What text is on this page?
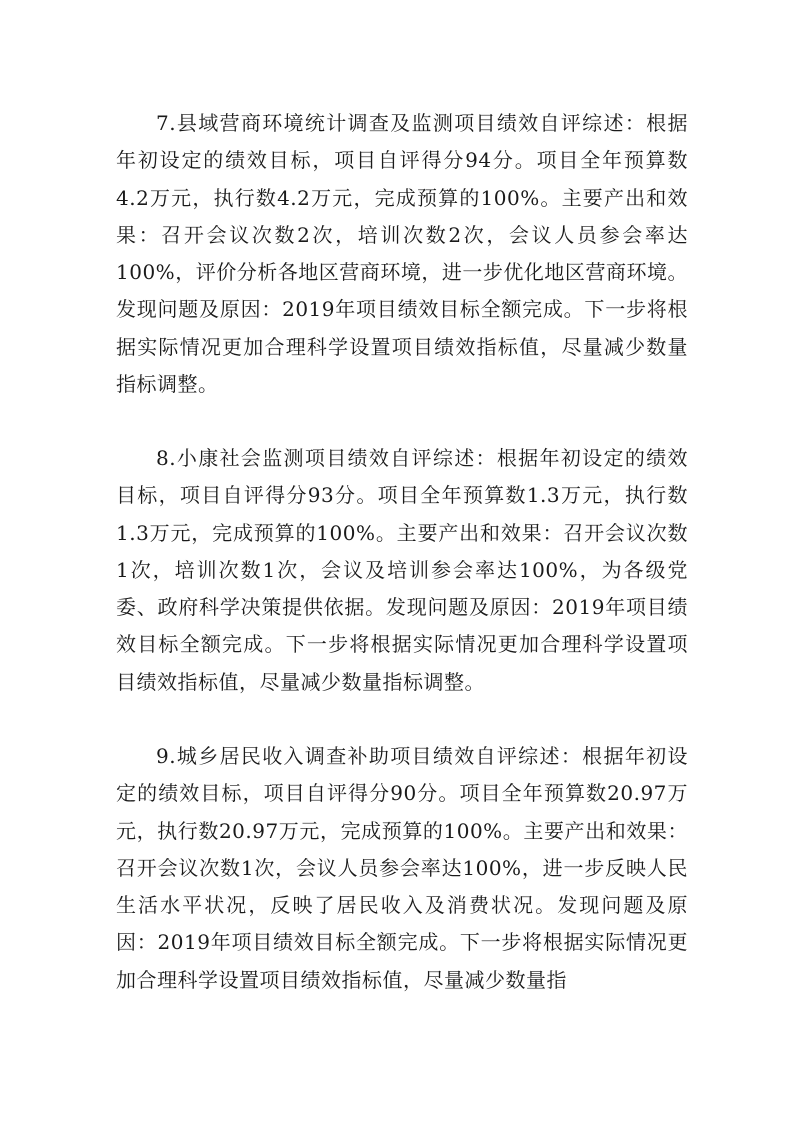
7.县域营商环境统计调查及监测项目绩效自评综述：根据年初设定的绩效目标，项目自评得分94分。项目全年预算数4.2万元，执行数4.2万元，完成预算的100%。主要产出和效果：召开会议次数2次，培训次数2次，会议人员参会率达100%，评价分析各地区营商环境，进一步优化地区营商环境。发现问题及原因：2019年项目绩效目标全额完成。下一步将根据实际情况更加合理科学设置项目绩效指标值，尽量减少数量指标调整。

8.小康社会监测项目绩效自评综述：根据年初设定的绩效目标，项目自评得分93分。项目全年预算数1.3万元，执行数1.3万元，完成预算的100%。主要产出和效果：召开会议次数1次，培训次数1次，会议及培训参会率达100%，为各级党委、政府科学决策提供依据。发现问题及原因：2019年项目绩效目标全额完成。下一步将根据实际情况更加合理科学设置项目绩效指标值，尽量减少数量指标调整。

9.城乡居民收入调查补助项目绩效自评综述：根据年初设定的绩效目标，项目自评得分90分。项目全年预算数20.97万元，执行数20.97万元，完成预算的100%。主要产出和效果：召开会议次数1次，会议人员参会率达100%，进一步反映人民生活水平状况，反映了居民收入及消费状况。发现问题及原因：2019年项目绩效目标全额完成。下一步将根据实际情况更加合理科学设置项目绩效指标值，尽量减少数量指
